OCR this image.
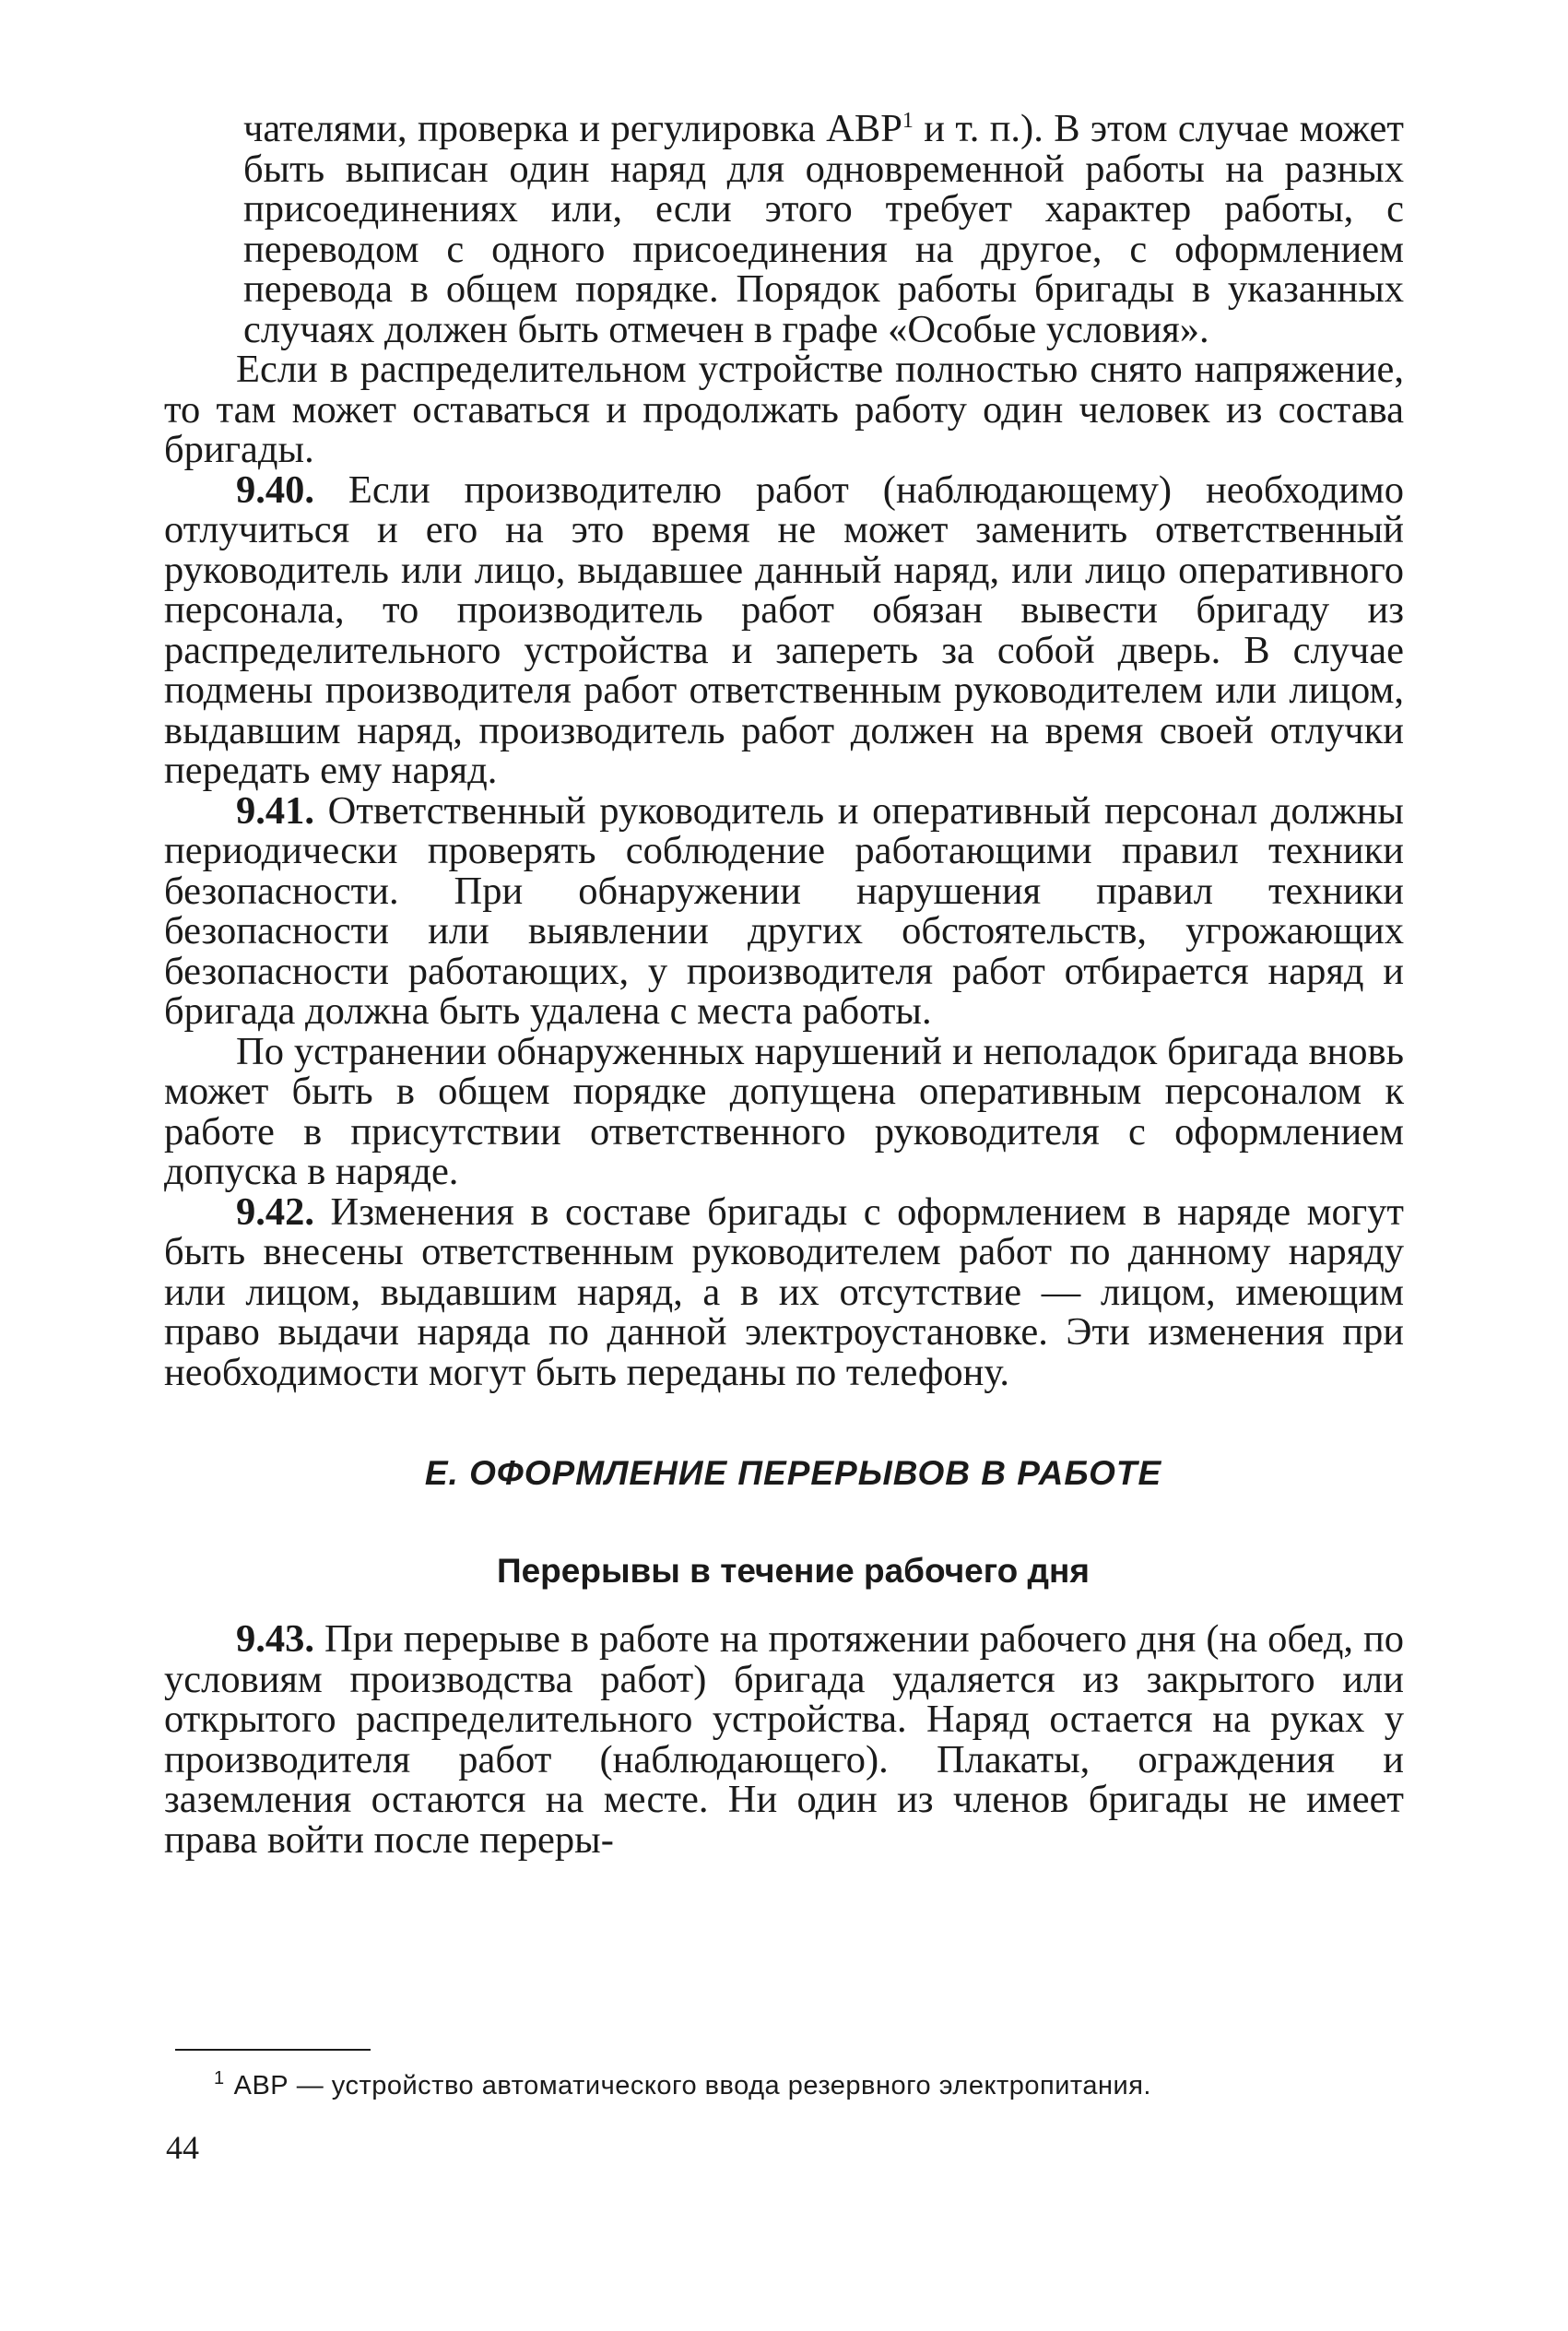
чателями, проверка и регулировка АВР$^1$ и т. п.). В этом случае может быть выписан один наряд для одновременной работы на разных присоединениях или, если этого требует характер работы, с переводом с одного присоединения на другое, с оформлением перевода в общем порядке. Порядок работы бригады в указанных случаях должен быть отмечен в графе «Особые условия».

Если в распределительном устройстве полностью снято напряжение, то там может оставаться и продолжать работу один человек из состава бригады.

9.40. Если производителю работ (наблюдающему) необходимо отлучиться и его на это время не может заменить ответственный руководитель или лицо, выдавшее данный наряд, или лицо оперативного персонала, то производитель работ обязан вывести бригаду из распределительного устройства и запереть за собой дверь. В случае подмены производителя работ ответственным руководителем или лицом, выдавшим наряд, производитель работ должен на время своей отлучки передать ему наряд.

9.41. Ответственный руководитель и оперативный персонал должны периодически проверять соблюдение работающими правил техники безопасности. При обнаружении нарушения правил техники безопасности или выявлении других обстоятельств, угрожающих безопасности работающих, у производителя работ отбирается наряд и бригада должна быть удалена с места работы.

По устранении обнаруженных нарушений и неполадок бригада вновь может быть в общем порядке допущена оперативным персоналом к работе в присутствии ответственного руководителя с оформлением допуска в наряде.

9.42. Изменения в составе бригады с оформлением в наряде могут быть внесены ответственным руководителем работ по данному наряду или лицом, выдавшим наряд, а в их отсутствие — лицом, имеющим право выдачи наряда по данной электроустановке. Эти изменения при необходимости могут быть переданы по телефону.

Е. ОФОРМЛЕНИЕ ПЕРЕРЫВОВ В РАБОТЕ
Перерывы в течение рабочего дня

9.43. При перерыве в работе на протяжении рабочего дня (на обед, по условиям производства работ) бригада удаляется из закрытого или открытого распределительного устройства. Наряд остается на руках у производителя работ (наблюдающего). Плакаты, ограждения и заземления остаются на месте. Ни один из членов бригады не имеет права войти после переры-

$^1$ АВР — устройство автоматического ввода резервного электропитания.
44
